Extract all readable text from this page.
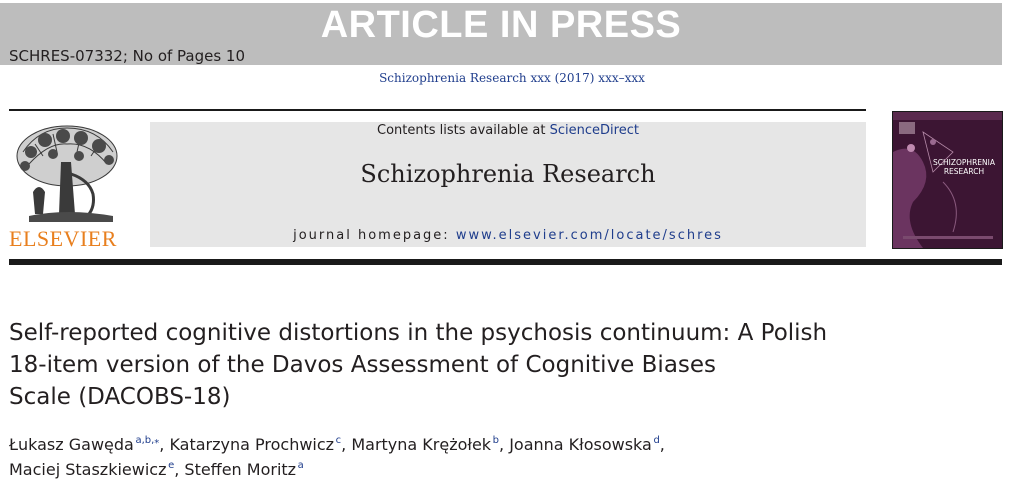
ARTICLE IN PRESS
SCHRES-07332; No of Pages 10
Schizophrenia Research xxx (2017) xxx–xxx
ELSEVIER
Contents lists available at ScienceDirect
Schizophrenia Research
journal homepage: www.elsevier.com/locate/schres
SCHIZOPHRENIA
RESEARCH
Self-reported cognitive distortions in the psychosis continuum: A Polish
18-item version of the Davos Assessment of Cognitive Biases
Scale (DACOBS-18)
Łukasz Gawęda  $^{a,b,⁎}$, Katarzyna Prochwicz  $^c$, Martyna Krężołek  $^b$, Joanna Kłosowska  $^d$,
Maciej Staszkiewicz  $^e$, Steffen Moritz  $^a$
